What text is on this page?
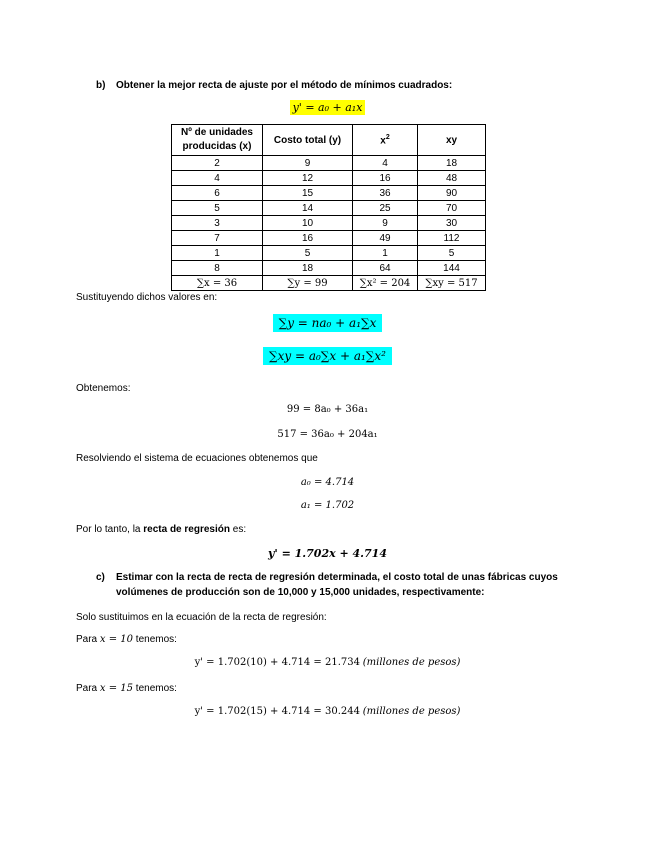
b) Obtener la mejor recta de ajuste por el método de mínimos cuadrados:
y' = a₀ + a₁x
Nº de unidades producidas (x)	Costo total (y)	$x^2$	xy
2	9	4	18
4	12	16	48
6	15	36	90
5	14	25	70
3	10	9	30
7	16	49	112
1	5	1	5
8	18	64	144
∑x = 36	∑y = 99	∑x² = 204	∑xy = 517
Sustituyendo dichos valores en:
∑y = na₀ + a₁∑x
∑xy = a₀∑x + a₁∑x²
Obtenemos:
99 = 8a₀ + 36a₁
517 = 36a₀ + 204a₁
Resolviendo el sistema de ecuaciones obtenemos que
a₀ = 4.714
a₁ = 1.702
Por lo tanto, la recta de regresión es:
y' = 1.702x + 4.714
c) Estimar con la recta de recta de regresión determinada, el costo total de unas fábricas cuyos
volúmenes de producción son de 10,000 y 15,000 unidades, respectivamente:
Solo sustituimos en la ecuación de la recta de regresión:
Para x = 10 tenemos:
y' = 1.702(10) + 4.714 = 21.734 (millones de pesos)
Para x = 15 tenemos:
y' = 1.702(15) + 4.714 = 30.244 (millones de pesos)
